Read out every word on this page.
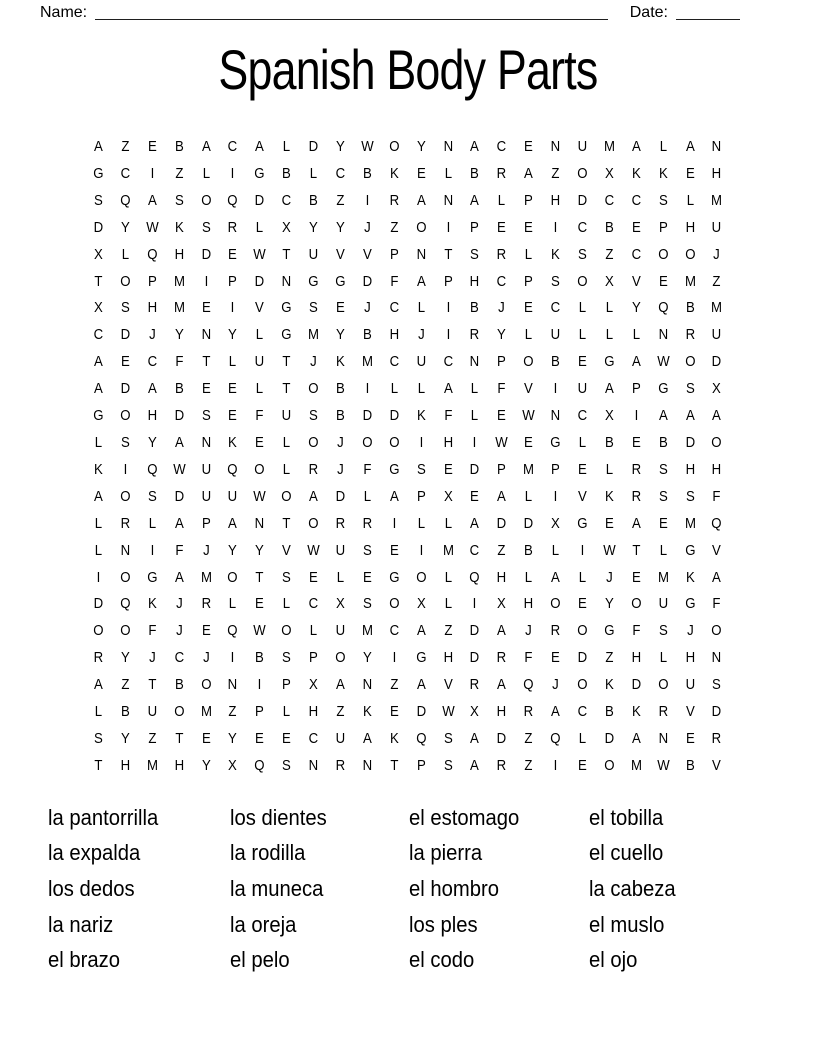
Name:	Date:
Spanish Body Parts
A	Z	E	B	A	C	A	L	D	Y	W	O	Y	N	A	C	E	N	U	M	A	L	A	N
G	C	I	Z	L	I	G	B	L	C	B	K	E	L	B	R	A	Z	O	X	K	K	E	H
S	Q	A	S	O	Q	D	C	B	Z	I	R	A	N	A	L	P	H	D	C	C	S	L	M
D	Y	W	K	S	R	L	X	Y	Y	J	Z	O	I	P	E	E	I	C	B	E	P	H	U
X	L	Q	H	D	E	W	T	U	V	V	P	N	T	S	R	L	K	S	Z	C	O	O	J
T	O	P	M	I	P	D	N	G	G	D	F	A	P	H	C	P	S	O	X	V	E	M	Z
X	S	H	M	E	I	V	G	S	E	J	C	L	I	B	J	E	C	L	L	Y	Q	B	M
C	D	J	Y	N	Y	L	G	M	Y	B	H	J	I	R	Y	L	U	L	L	L	N	R	U
A	E	C	F	T	L	U	T	J	K	M	C	U	C	N	P	O	B	E	G	A	W	O	D
A	D	A	B	E	E	L	T	O	B	I	L	L	A	L	F	V	I	U	A	P	G	S	X
G	O	H	D	S	E	F	U	S	B	D	D	K	F	L	E	W	N	C	X	I	A	A	A
L	S	Y	A	N	K	E	L	O	J	O	O	I	H	I	W	E	G	L	B	E	B	D	O
K	I	Q	W	U	Q	O	L	R	J	F	G	S	E	D	P	M	P	E	L	R	S	H	H
A	O	S	D	U	U	W	O	A	D	L	A	P	X	E	A	L	I	V	K	R	S	S	F
L	R	L	A	P	A	N	T	O	R	R	I	L	L	A	D	D	X	G	E	A	E	M	Q
L	N	I	F	J	Y	Y	V	W	U	S	E	I	M	C	Z	B	L	I	W	T	L	G	V
I	O	G	A	M	O	T	S	E	L	E	G	O	L	Q	H	L	A	L	J	E	M	K	A
D	Q	K	J	R	L	E	L	C	X	S	O	X	L	I	X	H	O	E	Y	O	U	G	F
O	O	F	J	E	Q	W	O	L	U	M	C	A	Z	D	A	J	R	O	G	F	S	J	O
R	Y	J	C	J	I	B	S	P	O	Y	I	G	H	D	R	F	E	D	Z	H	L	H	N
A	Z	T	B	O	N	I	P	X	A	N	Z	A	V	R	A	Q	J	O	K	D	O	U	S
L	B	U	O	M	Z	P	L	H	Z	K	E	D	W	X	H	R	A	C	B	K	R	V	D
S	Y	Z	T	E	Y	E	E	C	U	A	K	Q	S	A	D	Z	Q	L	D	A	N	E	R
T	H	M	H	Y	X	Q	S	N	R	N	T	P	S	A	R	Z	I	E	O	M	W	B	V
la pantorrilla
la expalda
los dedos
la nariz
el brazo
los dientes
la rodilla
la muneca
la oreja
el pelo
el estomago
la pierra
el hombro
los ples
el codo
el tobilla
el cuello
la cabeza
el muslo
el ojo
